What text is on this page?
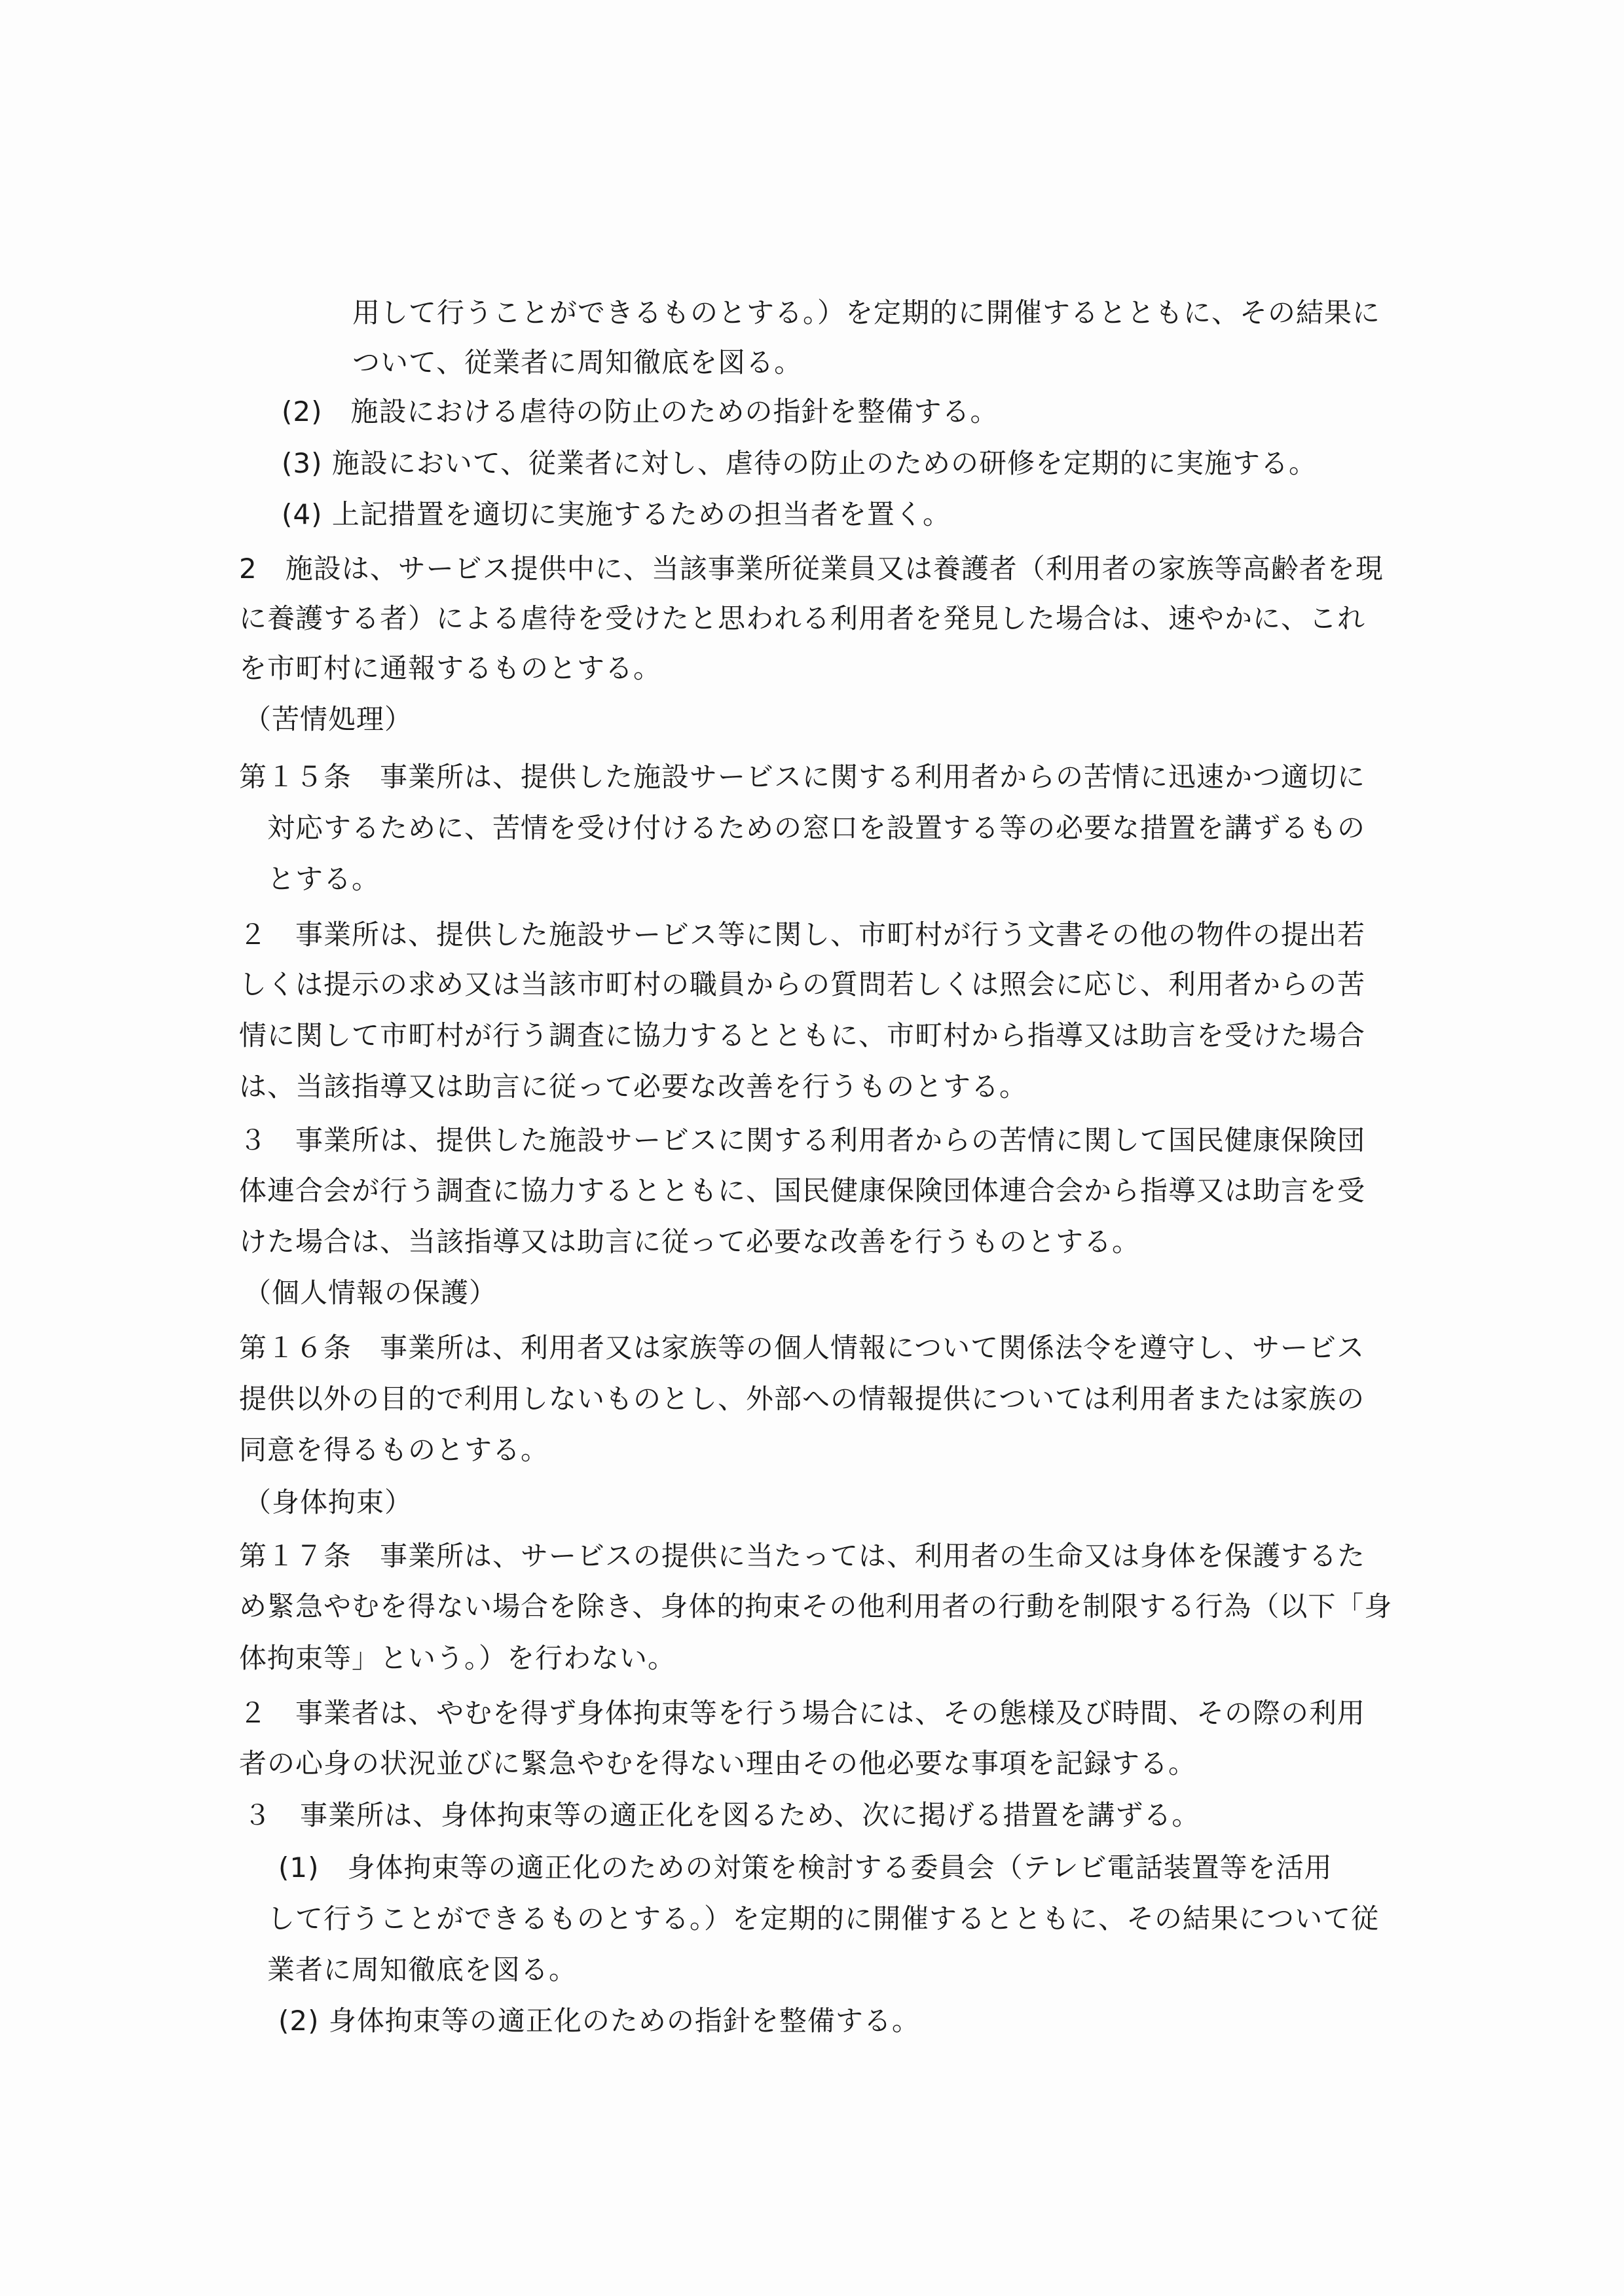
用して行うことができるものとする。）を定期的に開催するとともに、その結果に
ついて、従業者に周知徹底を図る。
(2)　施設における虐待の防止のための指針を整備する。
(3) 施設において、従業者に対し、虐待の防止のための研修を定期的に実施する。
(4) 上記措置を適切に実施するための担当者を置く。
2　施設は、サービス提供中に、当該事業所従業員又は養護者（利用者の家族等高齢者を現
に養護する者）による虐待を受けたと思われる利用者を発見した場合は、速やかに、これ
を市町村に通報するものとする。
（苦情処理）
第１５条　事業所は、提供した施設サービスに関する利用者からの苦情に迅速かつ適切に
対応するために、苦情を受け付けるための窓口を設置する等の必要な措置を講ずるもの
とする。
２　事業所は、提供した施設サービス等に関し、市町村が行う文書その他の物件の提出若
しくは提示の求め又は当該市町村の職員からの質問若しくは照会に応じ、利用者からの苦
情に関して市町村が行う調査に協力するとともに、市町村から指導又は助言を受けた場合
は、当該指導又は助言に従って必要な改善を行うものとする。
３　事業所は、提供した施設サービスに関する利用者からの苦情に関して国民健康保険団
体連合会が行う調査に協力するとともに、国民健康保険団体連合会から指導又は助言を受
けた場合は、当該指導又は助言に従って必要な改善を行うものとする。
（個人情報の保護）
第１６条　事業所は、利用者又は家族等の個人情報について関係法令を遵守し、サービス
提供以外の目的で利用しないものとし、外部への情報提供については利用者または家族の
同意を得るものとする。
（身体拘束）
第１７条　事業所は、サービスの提供に当たっては、利用者の生命又は身体を保護するた
め緊急やむを得ない場合を除き、身体的拘束その他利用者の行動を制限する行為（以下「身
体拘束等」という。）を行わない。
２　事業者は、やむを得ず身体拘束等を行う場合には、その態様及び時間、その際の利用
者の心身の状況並びに緊急やむを得ない理由その他必要な事項を記録する。
３　事業所は、身体拘束等の適正化を図るため、次に掲げる措置を講ずる。
(1)　身体拘束等の適正化のための対策を検討する委員会（テレビ電話装置等を活用
して行うことができるものとする。）を定期的に開催するとともに、その結果について従
業者に周知徹底を図る。
(2) 身体拘束等の適正化のための指針を整備する。
